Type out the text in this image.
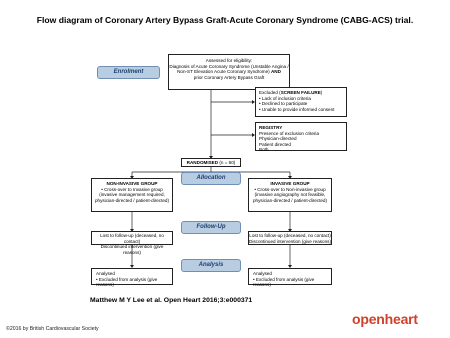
Flow diagram of Coronary Artery Bypass Graft-Acute Coronary Syndrome (CABG-ACS) trial.
Enrolment
Allocation
Follow-Up
Analysis
Assessed for eligibility:
Diagnosis of Acute Coronary Syndrome (Unstable Angina /
Non-ST Elevation Acute Coronary Syndrome) AND
prior Coronary Artery Bypass Graft
Excluded (SCREEN FAILURE)
• Lack of inclusion criteria
• Declined to participate
• Unable to provide informed consent
REGISTRY
Presence of exclusion criteria
Physician-directed
Patient directed
Both.
RANDOMISED (n = 60)
NON-INVASIVE GROUP
• Cross-over to Invasive group
(invasive management required,
physician-directed / patient-directed)
INVASIVE GROUP
• Cross-over to Non-invasive group
(invasive angiography not feasible,
physician-directed / patient-directed)
Lost to follow-up (deceased, no contact)
Discontinued intervention (give reasons)
Lost to follow-up (deceased, no contact)
Discontinued intervention (give reasons)
Analysed
• Excluded from analysis (give reasons)
Analysed
• Excluded from analysis (give reasons)
Matthew M Y Lee et al. Open Heart 2016;3:e000371
©2016 by British Cardiovascular Society
openheart
